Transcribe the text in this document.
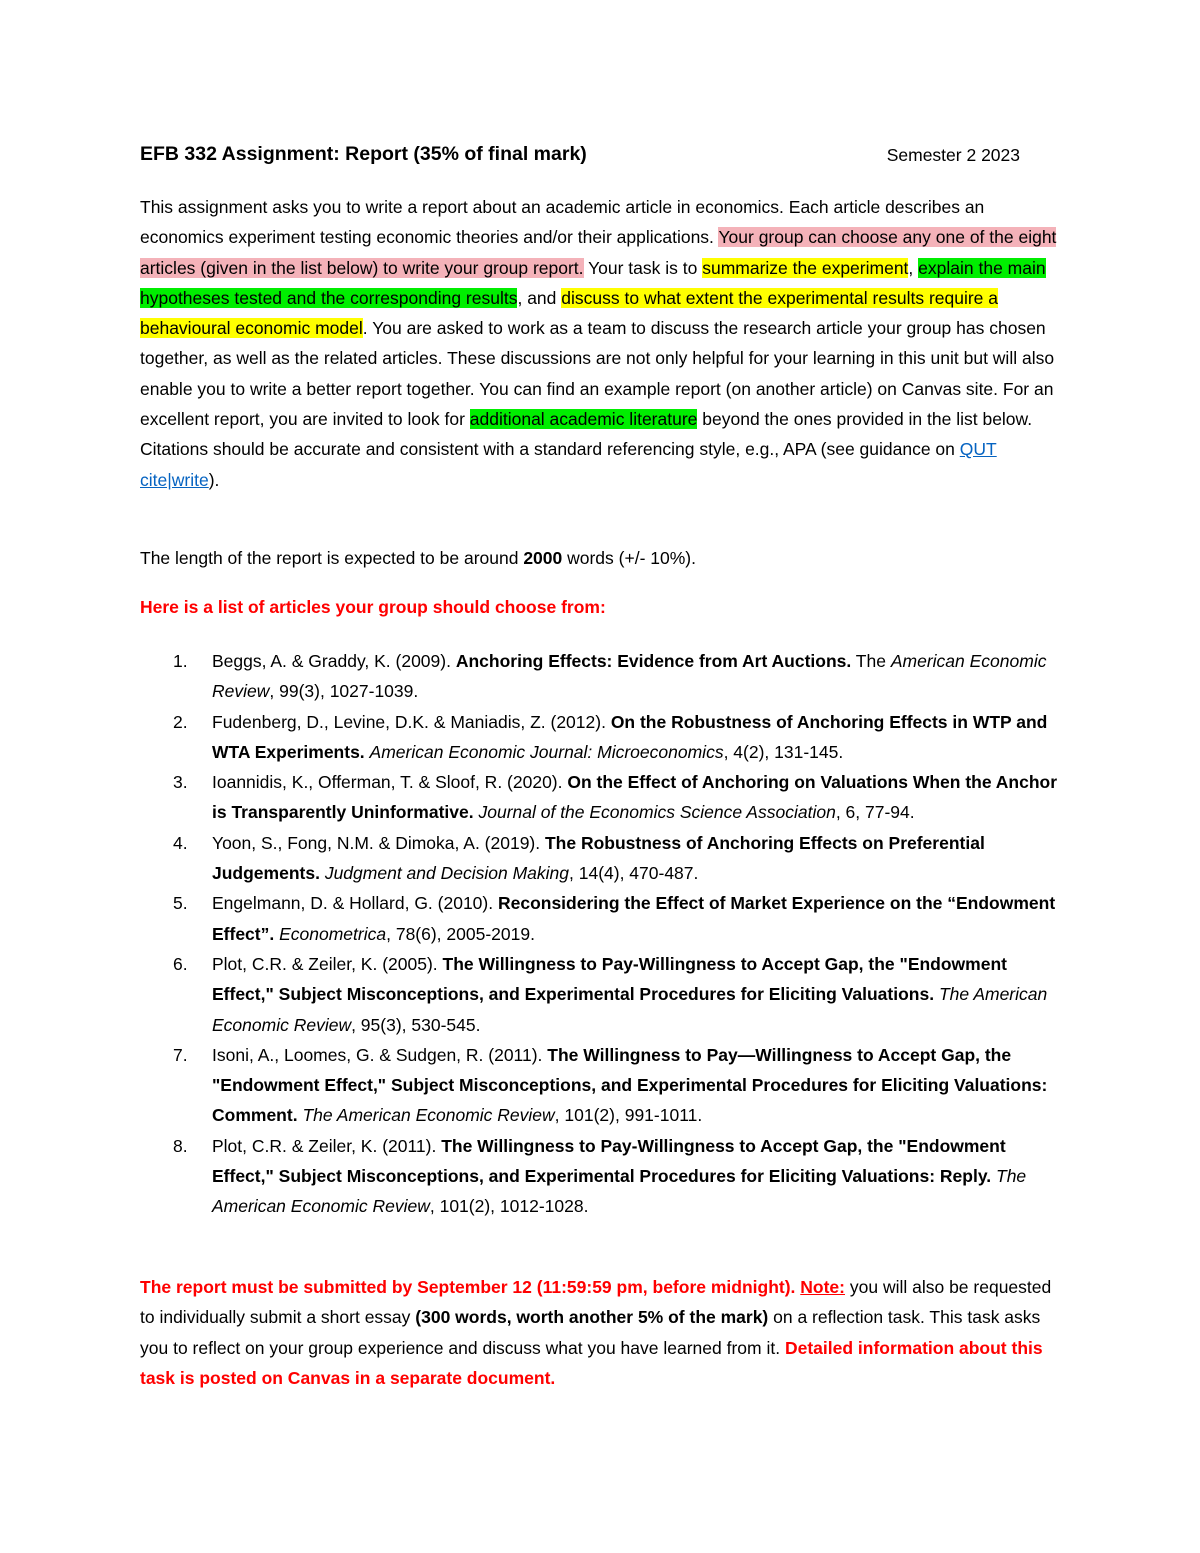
EFB 332 Assignment: Report (35% of final mark)	Semester 2 2023
This assignment asks you to write a report about an academic article in economics. Each article describes an economics experiment testing economic theories and/or their applications. Your group can choose any one of the eight articles (given in the list below) to write your group report. Your task is to summarize the experiment, explain the main hypotheses tested and the corresponding results, and discuss to what extent the experimental results require a behavioural economic model. You are asked to work as a team to discuss the research article your group has chosen together, as well as the related articles. These discussions are not only helpful for your learning in this unit but will also enable you to write a better report together. You can find an example report (on another article) on Canvas site. For an excellent report, you are invited to look for additional academic literature beyond the ones provided in the list below. Citations should be accurate and consistent with a standard referencing style, e.g., APA (see guidance on QUT cite|write).
The length of the report is expected to be around 2000 words (+/- 10%).
Here is a list of articles your group should choose from:
1. Beggs, A. & Graddy, K. (2009). Anchoring Effects: Evidence from Art Auctions. The American Economic Review, 99(3), 1027-1039.
2. Fudenberg, D., Levine, D.K. & Maniadis, Z. (2012). On the Robustness of Anchoring Effects in WTP and WTA Experiments. American Economic Journal: Microeconomics, 4(2), 131-145.
3. Ioannidis, K., Offerman, T. & Sloof, R. (2020). On the Effect of Anchoring on Valuations When the Anchor is Transparently Uninformative. Journal of the Economics Science Association, 6, 77-94.
4. Yoon, S., Fong, N.M. & Dimoka, A. (2019). The Robustness of Anchoring Effects on Preferential Judgements. Judgment and Decision Making, 14(4), 470-487.
5. Engelmann, D. & Hollard, G. (2010). Reconsidering the Effect of Market Experience on the “Endowment Effect”. Econometrica, 78(6), 2005-2019.
6. Plot, C.R. & Zeiler, K. (2005). The Willingness to Pay-Willingness to Accept Gap, the "Endowment Effect," Subject Misconceptions, and Experimental Procedures for Eliciting Valuations. The American Economic Review, 95(3), 530-545.
7. Isoni, A., Loomes, G. & Sudgen, R. (2011). The Willingness to Pay—Willingness to Accept Gap, the "Endowment Effect," Subject Misconceptions, and Experimental Procedures for Eliciting Valuations: Comment. The American Economic Review, 101(2), 991-1011.
8. Plot, C.R. & Zeiler, K. (2011). The Willingness to Pay-Willingness to Accept Gap, the "Endowment Effect," Subject Misconceptions, and Experimental Procedures for Eliciting Valuations: Reply. The American Economic Review, 101(2), 1012-1028.
The report must be submitted by September 12 (11:59:59 pm, before midnight). Note: you will also be requested to individually submit a short essay (300 words, worth another 5% of the mark) on a reflection task. This task asks you to reflect on your group experience and discuss what you have learned from it. Detailed information about this task is posted on Canvas in a separate document.
